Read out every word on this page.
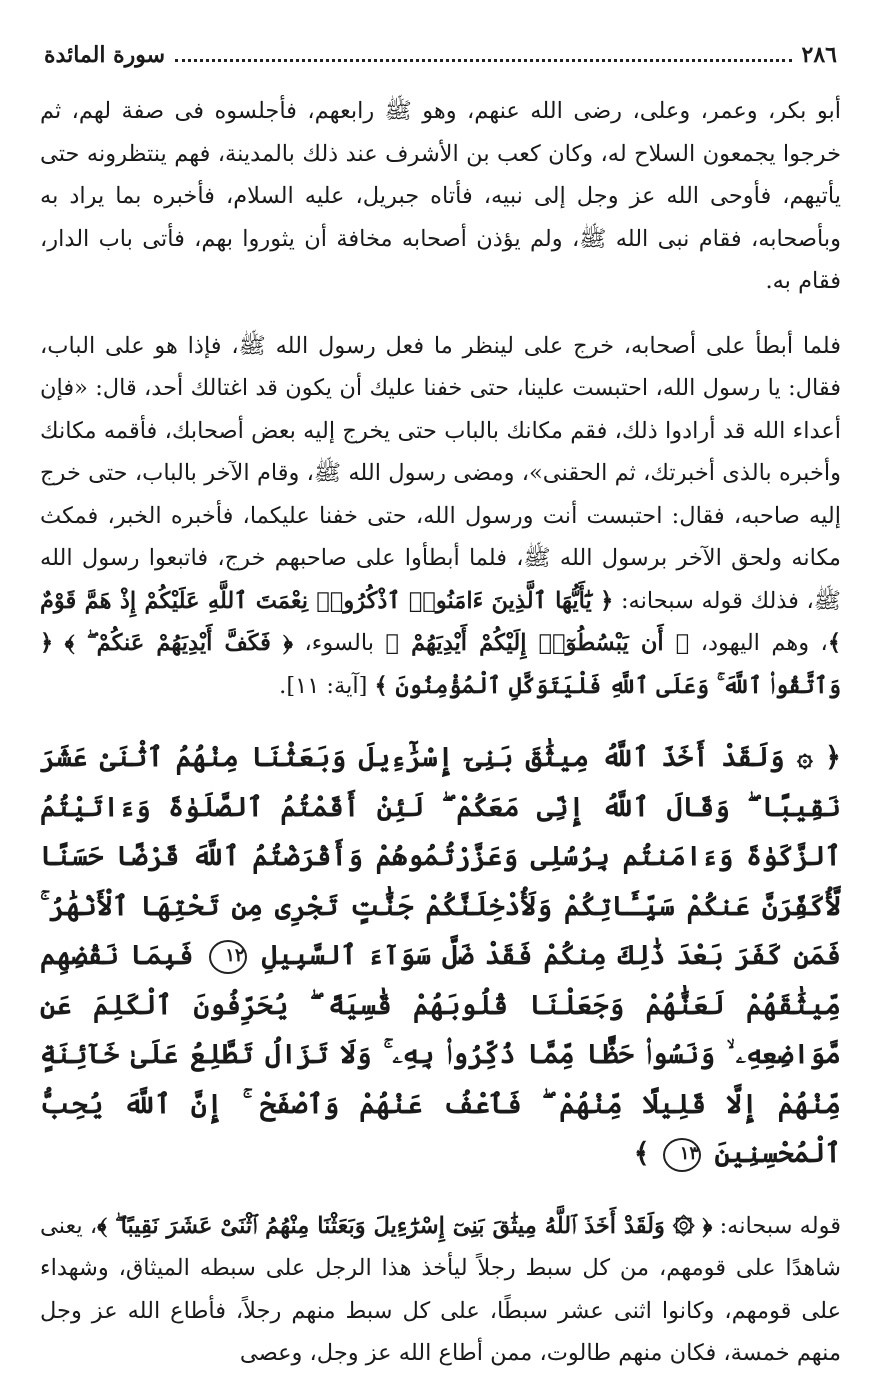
٢٨٦
سورة المائدة

أبو بكر، وعمر، وعلى، رضى الله عنهم، وهو ﷺ رابعهم، فأجلسوه فى صفة لهم، ثم خرجوا يجمعون السلاح له، وكان كعب بن الأشرف عند ذلك بالمدينة، فهم ينتظرونه حتى يأتيهم، فأوحى الله عز وجل إلى نبيه، فأتاه جبريل، عليه السلام، فأخبره بما يراد به وبأصحابه، فقام نبى الله ﷺ، ولم يؤذن أصحابه مخافة أن يثوروا بهم، فأتى باب الدار، فقام به.

فلما أبطأ على أصحابه، خرج على لينظر ما فعل رسول الله ﷺ، فإذا هو على الباب، فقال: يا رسول الله، احتبست علينا، حتى خفنا عليك أن يكون قد اغتالك أحد، قال: «فإن أعداء الله قد أرادوا ذلك، فقم مكانك بالباب حتى يخرج إليه بعض أصحابك، فأقمه مكانك وأخبره بالذى أخبرتك، ثم الحقنى»، ومضى رسول الله ﷺ، وقام الآخر بالباب، حتى خرج إليه صاحبه، فقال: احتبست أنت ورسول الله، حتى خفنا عليكما، فأخبره الخبر، فمكث مكانه ولحق الآخر برسول الله ﷺ، فلما أبطأوا على صاحبهم خرج، فاتبعوا رسول الله ﷺ، فذلك قوله سبحانه: ﴿ يَٰٓأَيُّهَا ٱلَّذِينَ ءَامَنُوا۟ ٱذْكُرُوا۟ نِعْمَتَ ٱللَّهِ عَلَيْكُمْ إِذْ هَمَّ قَوْمٌ ﴾، وهم اليهود، ﴿ أَن يَبْسُطُوٓا۟ إِلَيْكُمْ أَيْدِيَهُمْ ﴾ بالسوء، ﴿ فَكَفَّ أَيْدِيَهُمْ عَنكُمْ ۖ ﴾ ﴿ وَٱتَّقُوا۟ ٱللَّهَ ۚ وَعَلَى ٱللَّهِ فَلْيَتَوَكَّلِ ٱلْمُؤْمِنُونَ ﴾ [آية: ١١].

﴿ ۞ وَلَقَدْ أَخَذَ ٱللَّهُ مِيثَٰقَ بَنِىٓ إِسْرَٰٓءِيلَ وَبَعَثْنَا مِنْهُمُ ٱثْنَىْ عَشَرَ نَقِيبًا ۖ وَقَالَ ٱللَّهُ إِنِّى مَعَكُمْ ۖ لَئِنْ أَقَمْتُمُ ٱلصَّلَوٰةَ وَءَاتَيْتُمُ ٱلزَّكَوٰةَ وَءَامَنتُم بِرُسُلِى وَعَزَّرْتُمُوهُمْ وَأَقْرَضْتُمُ ٱللَّهَ قَرْضًا حَسَنًا لَّأُكَفِّرَنَّ عَنكُمْ سَيِّـَٔاتِكُمْ وَلَأُدْخِلَنَّكُمْ جَنَّٰتٍ تَجْرِى مِن تَحْتِهَا ٱلْأَنْهَٰرُ ۚ فَمَن كَفَرَ بَعْدَ ذَٰلِكَ مِنكُمْ فَقَدْ ضَلَّ سَوَآءَ ٱلسَّبِيلِ ١٢ فَبِمَا نَقْضِهِم مِّيثَٰقَهُمْ لَعَنَّٰهُمْ وَجَعَلْنَا قُلُوبَهُمْ قَٰسِيَةً ۖ يُحَرِّفُونَ ٱلْكَلِمَ عَن مَّوَاضِعِهِۦ ۙ وَنَسُوا۟ حَظًّا مِّمَّا ذُكِّرُوا۟ بِهِۦ ۚ وَلَا تَزَالُ تَطَّلِعُ عَلَىٰ خَآئِنَةٍ مِّنْهُمْ إِلَّا قَلِيلًا مِّنْهُمْ ۖ فَٱعْفُ عَنْهُمْ وَٱصْفَحْ ۚ إِنَّ ٱللَّهَ يُحِبُّ ٱلْمُحْسِنِينَ ١٣ ﴾

قوله سبحانه: ﴿ ۞ وَلَقَدْ أَخَذَ ٱللَّهُ مِيثَٰقَ بَنِىٓ إِسْرَٰٓءِيلَ وَبَعَثْنَا مِنْهُمُ ٱثْنَىْ عَشَرَ نَقِيبًا ۖ ﴾، يعنى شاهدًا على قومهم، من كل سبط رجلاً ليأخذ هذا الرجل على سبطه الميثاق، وشهداء على قومهم، وكانوا اثنى عشر سبطًا، على كل سبط منهم رجلاً، فأطاع الله عز وجل منهم خمسة، فكان منهم طالوت، ممن أطاع الله عز وجل، وعصى
